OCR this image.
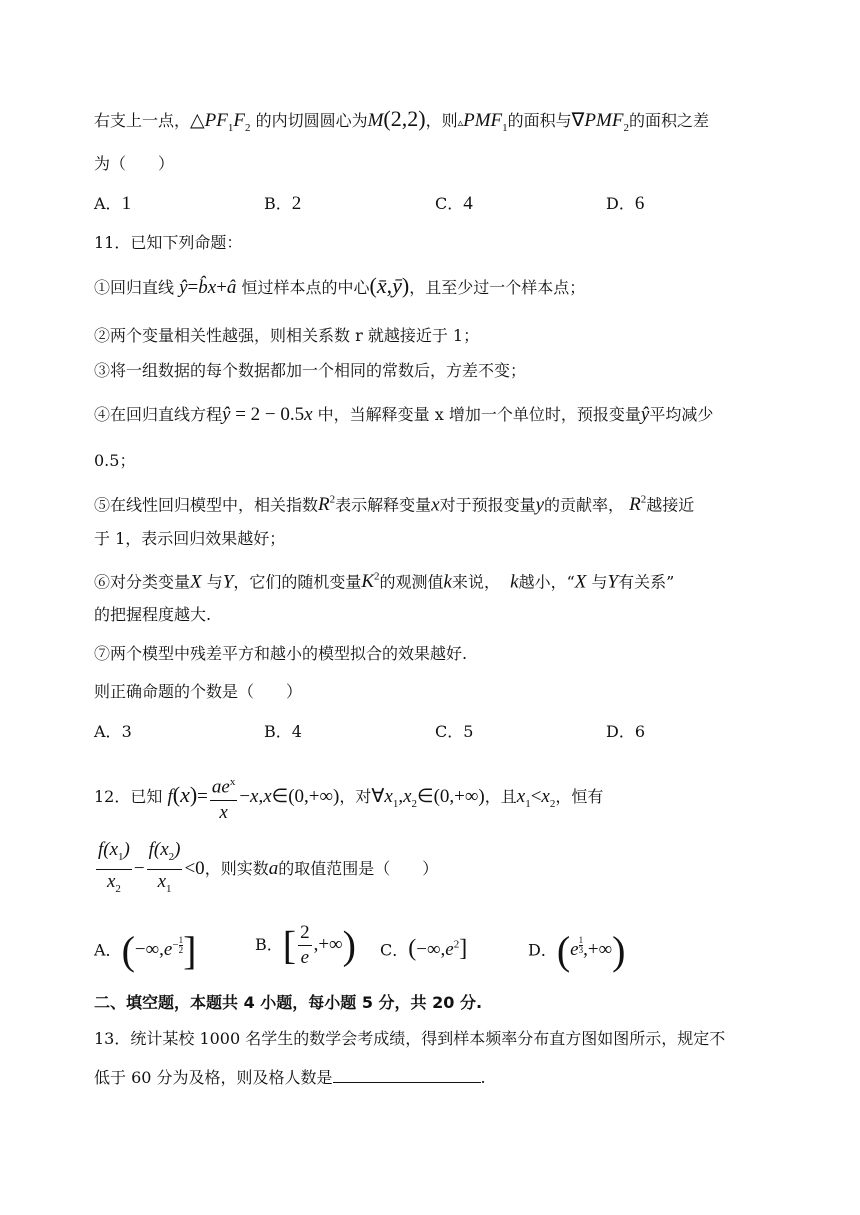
右支上一点，$\triangle PF_1F_2$ 的内切圆圆心为M(2,2)，则$▵PMF_1$的面积与$\nabla PMF_2$的面积之差
为（　　）
A．1	B．2	C．4	D．6
11．已知下列命题：
①回归直线 ŷ=b̂x+â 恒过样本点的中心(x̄,ȳ)，且至少过一个样本点；
②两个变量相关性越强，则相关系数 r 就越接近于 1；
③将一组数据的每个数据都加一个相同的常数后，方差不变；
④在回归直线方程ŷ = 2 − 0.5x 中，当解释变量 x 增加一个单位时，预报变量ŷ平均减少
0.5；
⑤在线性回归模型中，相关指数$R^2$表示解释变量x对于预报变量y的贡献率， $R^2$越接近
于 1，表示回归效果越好；
⑥对分类变量X 与Y，它们的随机变量$K^2$的观测值k来说， k越小，“X 与Y有关系”
的把握程度越大.
⑦两个模型中残差平方和越小的模型拟合的效果越好.
则正确命题的个数是（　　）
A．3	B．4	C．5	D．6
12．已知 $f(x)= \frac{ae^x}{x}$ −x,x∈(0,+∞)，对$\forall x_1,x_2\in(0,+\infty)$，且$x_1<x_2$，恒有
$\frac{f(x_1)}{x_2} - \frac{f(x_2)}{x_1} <0$，则实数a的取值范围是（　　）
A．($-\infty,e^{- \frac{1}{2}}$ ]	B．[ $\frac{2}{e}$ ,+∞) C．$(-\infty,e^2]$	D．(e $^{\frac{1}{3}}$ ,+∞)
二、填空题，本题共 4 小题，每小题 5 分，共 20 分.
13．统计某校 1000 名学生的数学会考成绩，得到样本频率分布直方图如图所示，规定不
低于 60 分为及格，则及格人数是	.
